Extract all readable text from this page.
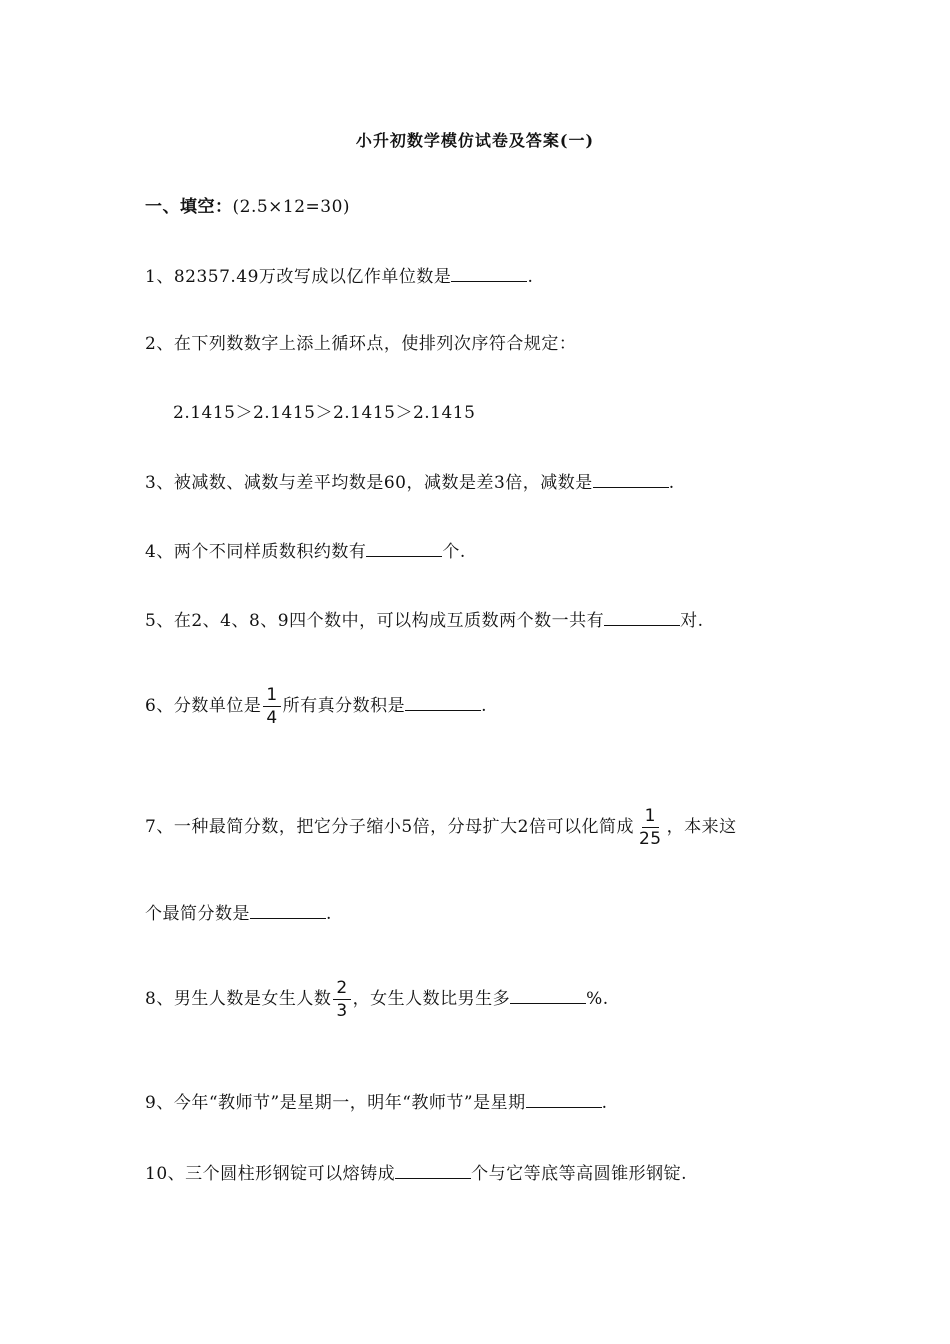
小升初数学模仿试卷及答案(一)
一、填空：(2.5×12=30)
1、82357.49万改写成以亿作单位数是	.
2、在下列数数字上添上循环点，使排列次序符合规定：
2.1415＞2.1415＞2.1415＞2.1415
3、被减数、减数与差平均数是60，减数是差3倍，减数是	.
4、两个不同样质数积约数有	个.
5、在2、4、8、9四个数中，可以构成互质数两个数一共有	对.
6、分数单位是 $\frac{1}{4}$ 所有真分数积是	.
7、一种最简分数，把它分子缩小5倍，分母扩大2倍可以化简成 $\frac{1}{25}$ ，本来这
个最简分数是	.
8、男生人数是女生人数 $\frac{2}{3}$ ，女生人数比男生多	%.
9、今年“教师节”是星期一，明年“教师节”是星期	.
10、三个圆柱形钢锭可以熔铸成	个与它等底等高圆锥形钢锭.
